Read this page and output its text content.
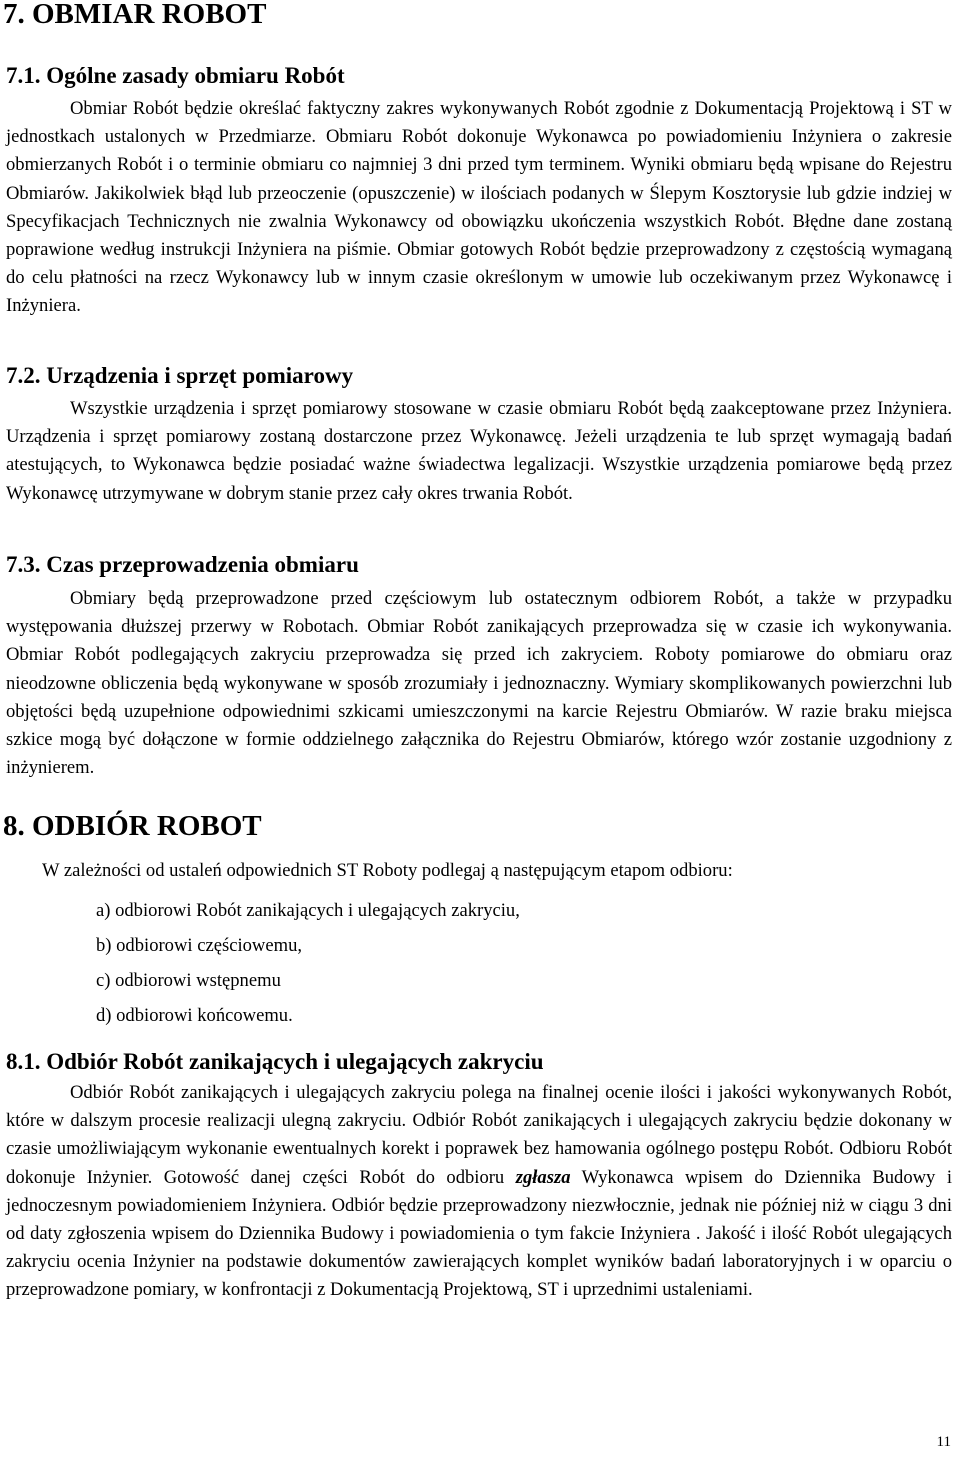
7. OBMIAR ROBOT
7.1. Ogólne zasady obmiaru Robót

Obmiar Robót będzie określać faktyczny zakres wykonywanych Robót zgodnie z Dokumentacją Projektową i ST w jednostkach ustalonych w Przedmiarze. Obmiaru Robót dokonuje Wykonawca po powiadomieniu Inżyniera o zakresie obmierzanych Robót i o terminie obmiaru co najmniej 3 dni przed tym terminem. Wyniki obmiaru będą wpisane do Rejestru Obmiarów. Jakikolwiek błąd lub przeoczenie (opuszczenie) w ilościach podanych w Ślepym Kosztorysie lub gdzie indziej w Specyfikacjach Technicznych nie zwalnia Wykonawcy od obowiązku ukończenia wszystkich Robót. Błędne dane zostaną poprawione według instrukcji Inżyniera na piśmie. Obmiar gotowych Robót będzie przeprowadzony z częstością wymaganą do celu płatności na rzecz Wykonawcy lub w innym czasie określonym w umowie lub oczekiwanym przez Wykonawcę i Inżyniera.

7.2. Urządzenia i sprzęt pomiarowy

Wszystkie urządzenia i sprzęt pomiarowy stosowane w czasie obmiaru Robót będą zaakceptowane przez Inżyniera. Urządzenia i sprzęt pomiarowy zostaną dostarczone przez Wykonawcę. Jeżeli urządzenia te lub sprzęt wymagają badań atestujących, to Wykonawca będzie posiadać ważne świadectwa legalizacji. Wszystkie urządzenia pomiarowe będą przez Wykonawcę utrzymywane w dobrym stanie przez cały okres trwania Robót.

7.3. Czas przeprowadzenia obmiaru

Obmiary będą przeprowadzone przed częściowym lub ostatecznym odbiorem Robót, a także w przypadku występowania dłuższej przerwy w Robotach. Obmiar Robót zanikających przeprowadza się w czasie ich wykonywania. Obmiar Robót podlegających zakryciu przeprowadza się przed ich zakryciem. Roboty pomiarowe do obmiaru oraz nieodzowne obliczenia będą wykonywane w sposób zrozumiały i jednoznaczny. Wymiary skomplikowanych powierzchni lub objętości będą uzupełnione odpowiednimi szkicami umieszczonymi na karcie Rejestru Obmiarów. W razie braku miejsca szkice mogą być dołączone w formie oddzielnego załącznika do Rejestru Obmiarów, którego wzór zostanie uzgodniony z inżynierem.

8. ODBIÓR ROBOT

W zależności od ustaleń odpowiednich ST Roboty podlegaj ą następującym etapom odbioru:

a) odbiorowi Robót zanikających i ulegających zakryciu,
b) odbiorowi częściowemu,
c) odbiorowi wstępnemu
d) odbiorowi końcowemu.
8.1. Odbiór Robót zanikających i ulegających zakryciu

Odbiór Robót zanikających i ulegających zakryciu polega na finalnej ocenie ilości i jakości wykonywanych Robót, które w dalszym procesie realizacji ulegną zakryciu. Odbiór Robót zanikających i ulegających zakryciu będzie dokonany w czasie umożliwiającym wykonanie ewentualnych korekt i poprawek bez hamowania ogólnego postępu Robót. Odbioru Robót dokonuje Inżynier. Gotowość danej części Robót do odbioru zgłasza Wykonawca wpisem do Dziennika Budowy i jednoczesnym powiadomieniem Inżyniera. Odbiór będzie przeprowadzony niezwłocznie, jednak nie później niż w ciągu 3 dni od daty zgłoszenia wpisem do Dziennika Budowy i powiadomienia o tym fakcie Inżyniera . Jakość i ilość Robót ulegających zakryciu ocenia Inżynier na podstawie dokumentów zawierających komplet wyników badań laboratoryjnych i w oparciu o przeprowadzone pomiary, w konfrontacji z Dokumentacją Projektową, ST i uprzednimi ustaleniami.

11
